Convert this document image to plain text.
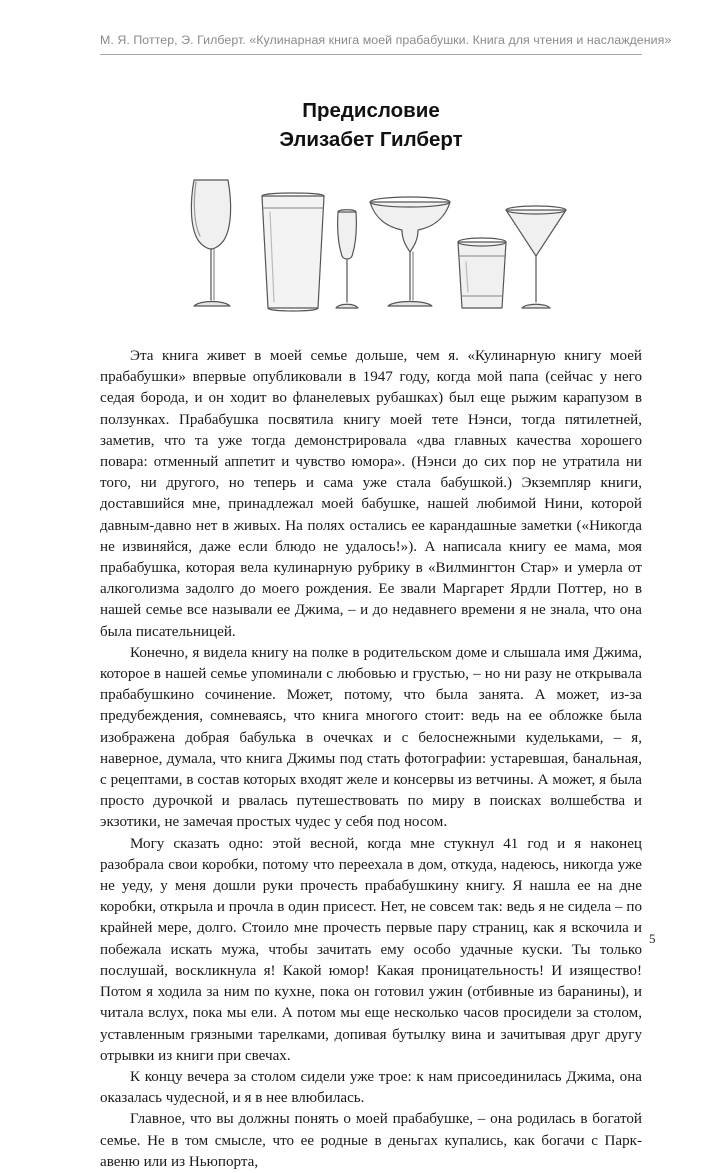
М. Я. Поттер, Э. Гилберт. «Кулинарная книга моей прабабушки. Книга для чтения и наслаждения»
Предисловие
Элизабет Гилберт

Эта книга живет в моей семье дольше, чем я. «Кулинарную книгу моей прабабушки» впервые опубликовали в 1947 году, когда мой папа (сейчас у него седая борода, и он ходит во фланелевых рубашках) был еще рыжим карапузом в ползунках. Прабабушка посвятила книгу моей тете Нэнси, тогда пятилетней, заметив, что та уже тогда демонстрировала «два главных качества хорошего повара: отменный аппетит и чувство юмора». (Нэнси до сих пор не утратила ни того, ни другого, но теперь и сама уже стала бабушкой.) Экземпляр книги, доставшийся мне, принадлежал моей бабушке, нашей любимой Нини, которой давным-давно нет в живых. На полях остались ее карандашные заметки («Никогда не извиняйся, даже если блюдо не удалось!»). А написала книгу ее мама, моя прабабушка, которая вела кулинарную рубрику в «Вилмингтон Стар» и умерла от алкоголизма задолго до моего рождения. Ее звали Маргарет Ярдли Поттер, но в нашей семье все называли ее Джима, – и до недавнего времени я не знала, что она была писательницей.

Конечно, я видела книгу на полке в родительском доме и слышала имя Джима, которое в нашей семье упоминали с любовью и грустью, – но ни разу не открывала прабабушкино сочинение. Может, потому, что была занята. А может, из-за предубеждения, сомневаясь, что книга многого стоит: ведь на ее обложке была изображена добрая бабулька в очечках и с белоснежными кудельками, – я, наверное, думала, что книга Джимы под стать фотографии: устаревшая, банальная, с рецептами, в состав которых входят желе и консервы из ветчины. А может, я была просто дурочкой и рвалась путешествовать по миру в поисках волшебства и экзотики, не замечая простых чудес у себя под носом.

Могу сказать одно: этой весной, когда мне стукнул 41 год и я наконец разобрала свои коробки, потому что переехала в дом, откуда, надеюсь, никогда уже не уеду, у меня дошли руки прочесть прабабушкину книгу. Я нашла ее на дне коробки, открыла и прочла в один присест. Нет, не совсем так: ведь я не сидела – по крайней мере, долго. Стоило мне прочесть первые пару страниц, как я вскочила и побежала искать мужа, чтобы зачитать ему особо удачные куски. Ты только послушай, воскликнула я! Какой юмор! Какая проницательность! И изящество! Потом я ходила за ним по кухне, пока он готовил ужин (отбивные из баранины), и читала вслух, пока мы ели. А потом мы еще несколько часов просидели за столом, уставленным грязными тарелками, допивая бутылку вина и зачитывая друг другу отрывки из книги при свечах.

К концу вечера за столом сидели уже трое: к нам присоединилась Джима, она оказалась чудесной, и я в нее влюбилась.

Главное, что вы должны понять о моей прабабушке, – она родилась в богатой семье. Не в том смысле, что ее родные в деньгах купались, как богачи с Парк-авеню или из Ньюпорта,

5
